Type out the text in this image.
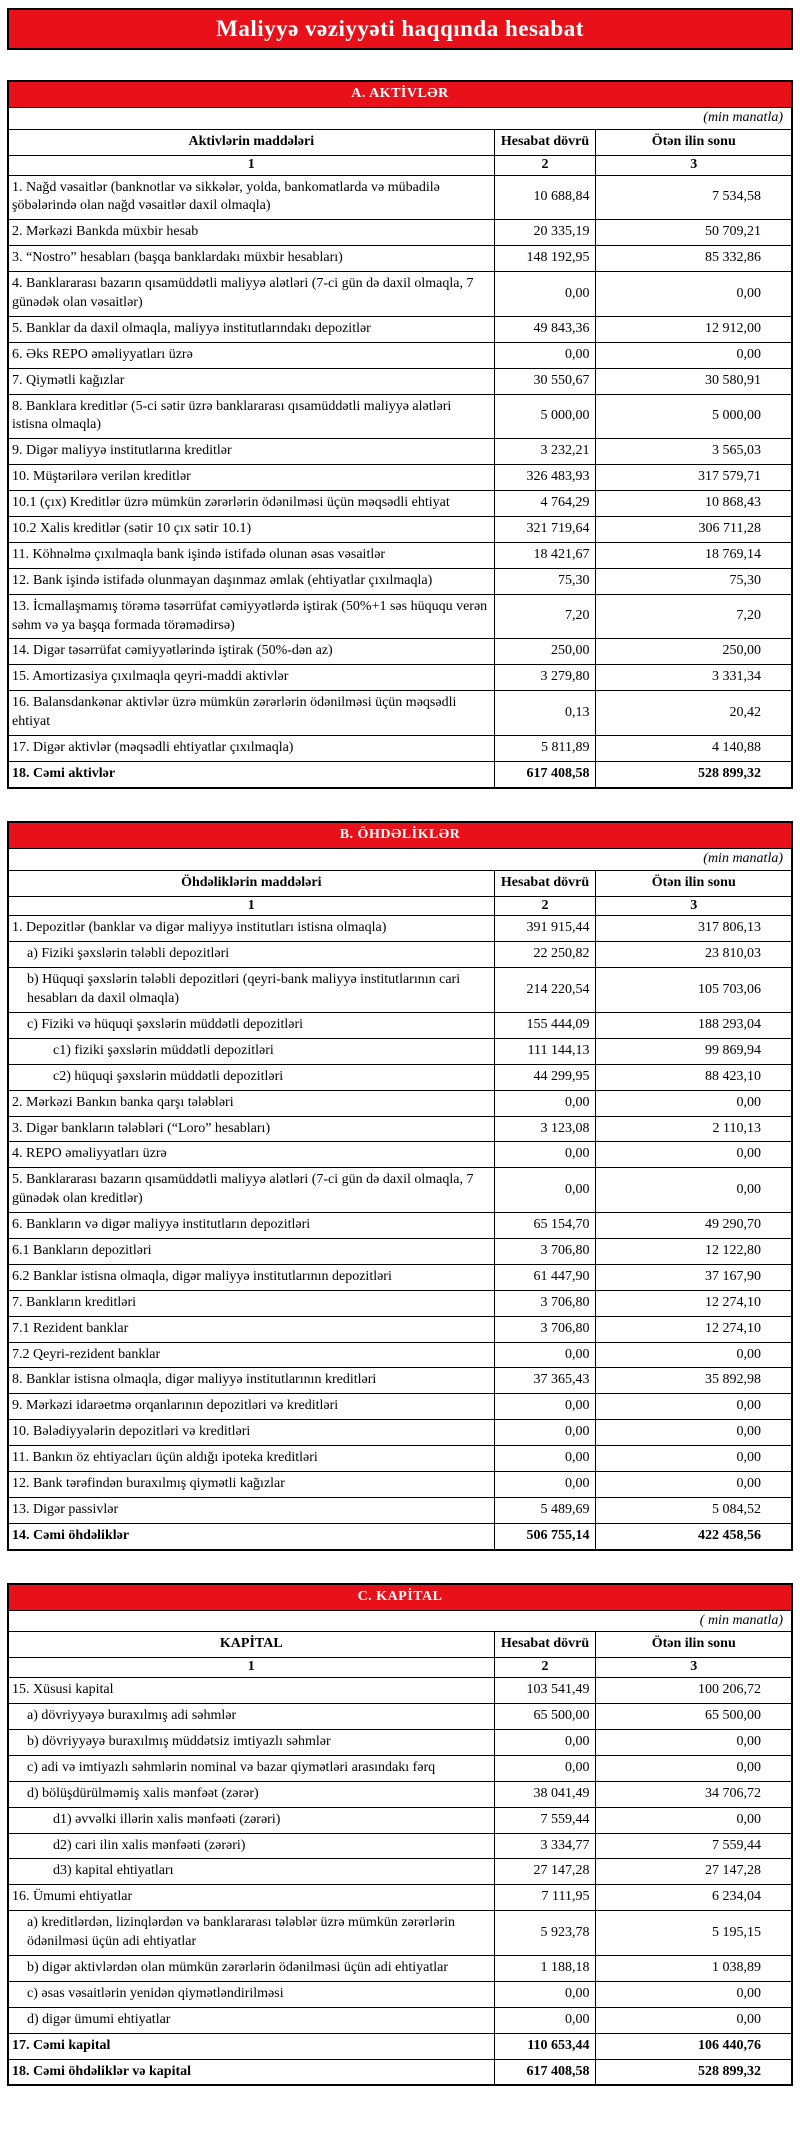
Maliyyə vəziyyəti haqqında hesabat
A. AKTİVLƏR		
(min manatla)		
Aktivlərin maddələri	Hesabat dövrü	Ötən ilin sonu
1	2	3
1. Nağd vəsaitlər (banknotlar və sikkələr, yolda, bankomatlarda və mübadilə şöbələrində olan nağd vəsaitlər daxil olmaqla)	10 688,84	7 534,58
2. Mərkəzi Bankda müxbir hesab	20 335,19	50 709,21
3. “Nostro” hesabları (başqa banklardakı müxbir hesabları)	148 192,95	85 332,86
4. Banklararası bazarın qısamüddətli maliyyə alətləri (7-ci gün də daxil olmaqla, 7 günədək olan vəsaitlər)	0,00	0,00
5. Banklar da daxil olmaqla, maliyyə institutlarındakı depozitlər	49 843,36	12 912,00
6. Əks REPO əməliyyatları üzrə	0,00	0,00
7. Qiymətli kağızlar	30 550,67	30 580,91
8. Banklara kreditlər (5-ci sətir üzrə banklararası qısamüddətli maliyyə alətləri istisna olmaqla)	5 000,00	5 000,00
9. Digər maliyyə institutlarına kreditlər	3 232,21	3 565,03
10. Müştərilərə verilən kreditlər	326 483,93	317 579,71
10.1 (çıx) Kreditlər üzrə mümkün zərərlərin ödənilməsi üçün məqsədli ehtiyat	4 764,29	10 868,43
10.2 Xalis kreditlər (sətir 10 çıx sətir 10.1)	321 719,64	306 711,28
11. Köhnəlmə çıxılmaqla bank işində istifadə olunan əsas vəsaitlər	18 421,67	18 769,14
12. Bank işində istifadə olunmayan daşınmaz əmlak (ehtiyatlar çıxılmaqla)	75,30	75,30
13. İcmallaşmamış törəmə təsərrüfat cəmiyyətlərdə iştirak (50%+1 səs hüququ verən səhm və ya başqa formada törəmədirsə)	7,20	7,20
14. Digər təsərrüfat cəmiyyətlərində iştirak (50%-dən az)	250,00	250,00
15. Amortizasiya çıxılmaqla qeyri-maddi aktivlər	3 279,80	3 331,34
16. Balansdankənar aktivlər üzrə mümkün zərərlərin ödənilməsi üçün məqsədli ehtiyat	0,13	20,42
17. Digər aktivlər (məqsədli ehtiyatlar çıxılmaqla)	5 811,89	4 140,88
18. Cəmi aktivlər	617 408,58	528 899,32
B. ÖHDƏLİKLƏR		
(min manatla)		
Öhdəliklərin maddələri	Hesabat dövrü	Ötən ilin sonu
1	2	3
1. Depozitlər (banklar və digər maliyyə institutları istisna olmaqla)	391 915,44	317 806,13
a) Fiziki şəxslərin tələbli depozitləri	22 250,82	23 810,03
b) Hüquqi şəxslərin tələbli depozitləri (qeyri-bank maliyyə institutlarının cari hesabları da daxil olmaqla)	214 220,54	105 703,06
c) Fiziki və hüquqi şəxslərin müddətli depozitləri	155 444,09	188 293,04
c1) fiziki şəxslərin müddətli depozitləri	111 144,13	99 869,94
c2) hüquqi şəxslərin müddətli depozitləri	44 299,95	88 423,10
2. Mərkəzi Bankın banka qarşı tələbləri	0,00	0,00
3. Digər bankların tələbləri (“Loro” hesabları)	3 123,08	2 110,13
4. REPO əməliyyatları üzrə	0,00	0,00
5. Banklararası bazarın qısamüddətli maliyyə alətləri (7-ci gün də daxil olmaqla, 7 günədək olan kreditlər)	0,00	0,00
6. Bankların və digər maliyyə institutların depozitləri	65 154,70	49 290,70
6.1 Bankların depozitləri	3 706,80	12 122,80
6.2 Banklar istisna olmaqla, digər maliyyə institutlarının depozitləri	61 447,90	37 167,90
7. Bankların kreditləri	3 706,80	12 274,10
7.1 Rezident banklar	3 706,80	12 274,10
7.2 Qeyri-rezident banklar	0,00	0,00
8. Banklar istisna olmaqla, digər maliyyə institutlarının kreditləri	37 365,43	35 892,98
9. Mərkəzi idarəetmə orqanlarının depozitləri və kreditləri	0,00	0,00
10. Bələdiyyələrin depozitləri və kreditləri	0,00	0,00
11. Bankın öz ehtiyacları üçün aldığı ipoteka kreditləri	0,00	0,00
12. Bank tərəfindən buraxılmış qiymətli kağızlar	0,00	0,00
13. Digər passivlər	5 489,69	5 084,52
14. Cəmi öhdəliklər	506 755,14	422 458,56
C. KAPİTAL		
( min manatla)		
KAPİTAL	Hesabat dövrü	Ötən ilin sonu
1	2	3
15. Xüsusi kapital	103 541,49	100 206,72
a) dövriyyəyə buraxılmış adi səhmlər	65 500,00	65 500,00
b) dövriyyəyə buraxılmış müddətsiz imtiyazlı səhmlər	0,00	0,00
c) adi və imtiyazlı səhmlərin nominal və bazar qiymətləri arasındakı fərq	0,00	0,00
d) bölüşdürülməmiş xalis mənfəət (zərər)	38 041,49	34 706,72
d1) əvvəlki illərin xalis mənfəəti (zərəri)	7 559,44	0,00
d2) cari ilin xalis mənfəəti (zərəri)	3 334,77	7 559,44
d3) kapital ehtiyatları	27 147,28	27 147,28
16. Ümumi ehtiyatlar	7 111,95	6 234,04
a) kreditlərdən, lizinqlərdən və banklararası tələblər üzrə mümkün zərərlərin ödənilməsi üçün adi ehtiyatlar	5 923,78	5 195,15
b) digər aktivlərdən olan mümkün zərərlərin ödənilməsi üçün adi ehtiyatlar	1 188,18	1 038,89
c) əsas vəsaitlərin yenidən qiymətləndirilməsi	0,00	0,00
d) digər ümumi ehtiyatlar	0,00	0,00
17. Cəmi kapital	110 653,44	106 440,76
18. Cəmi öhdəliklər və kapital	617 408,58	528 899,32
